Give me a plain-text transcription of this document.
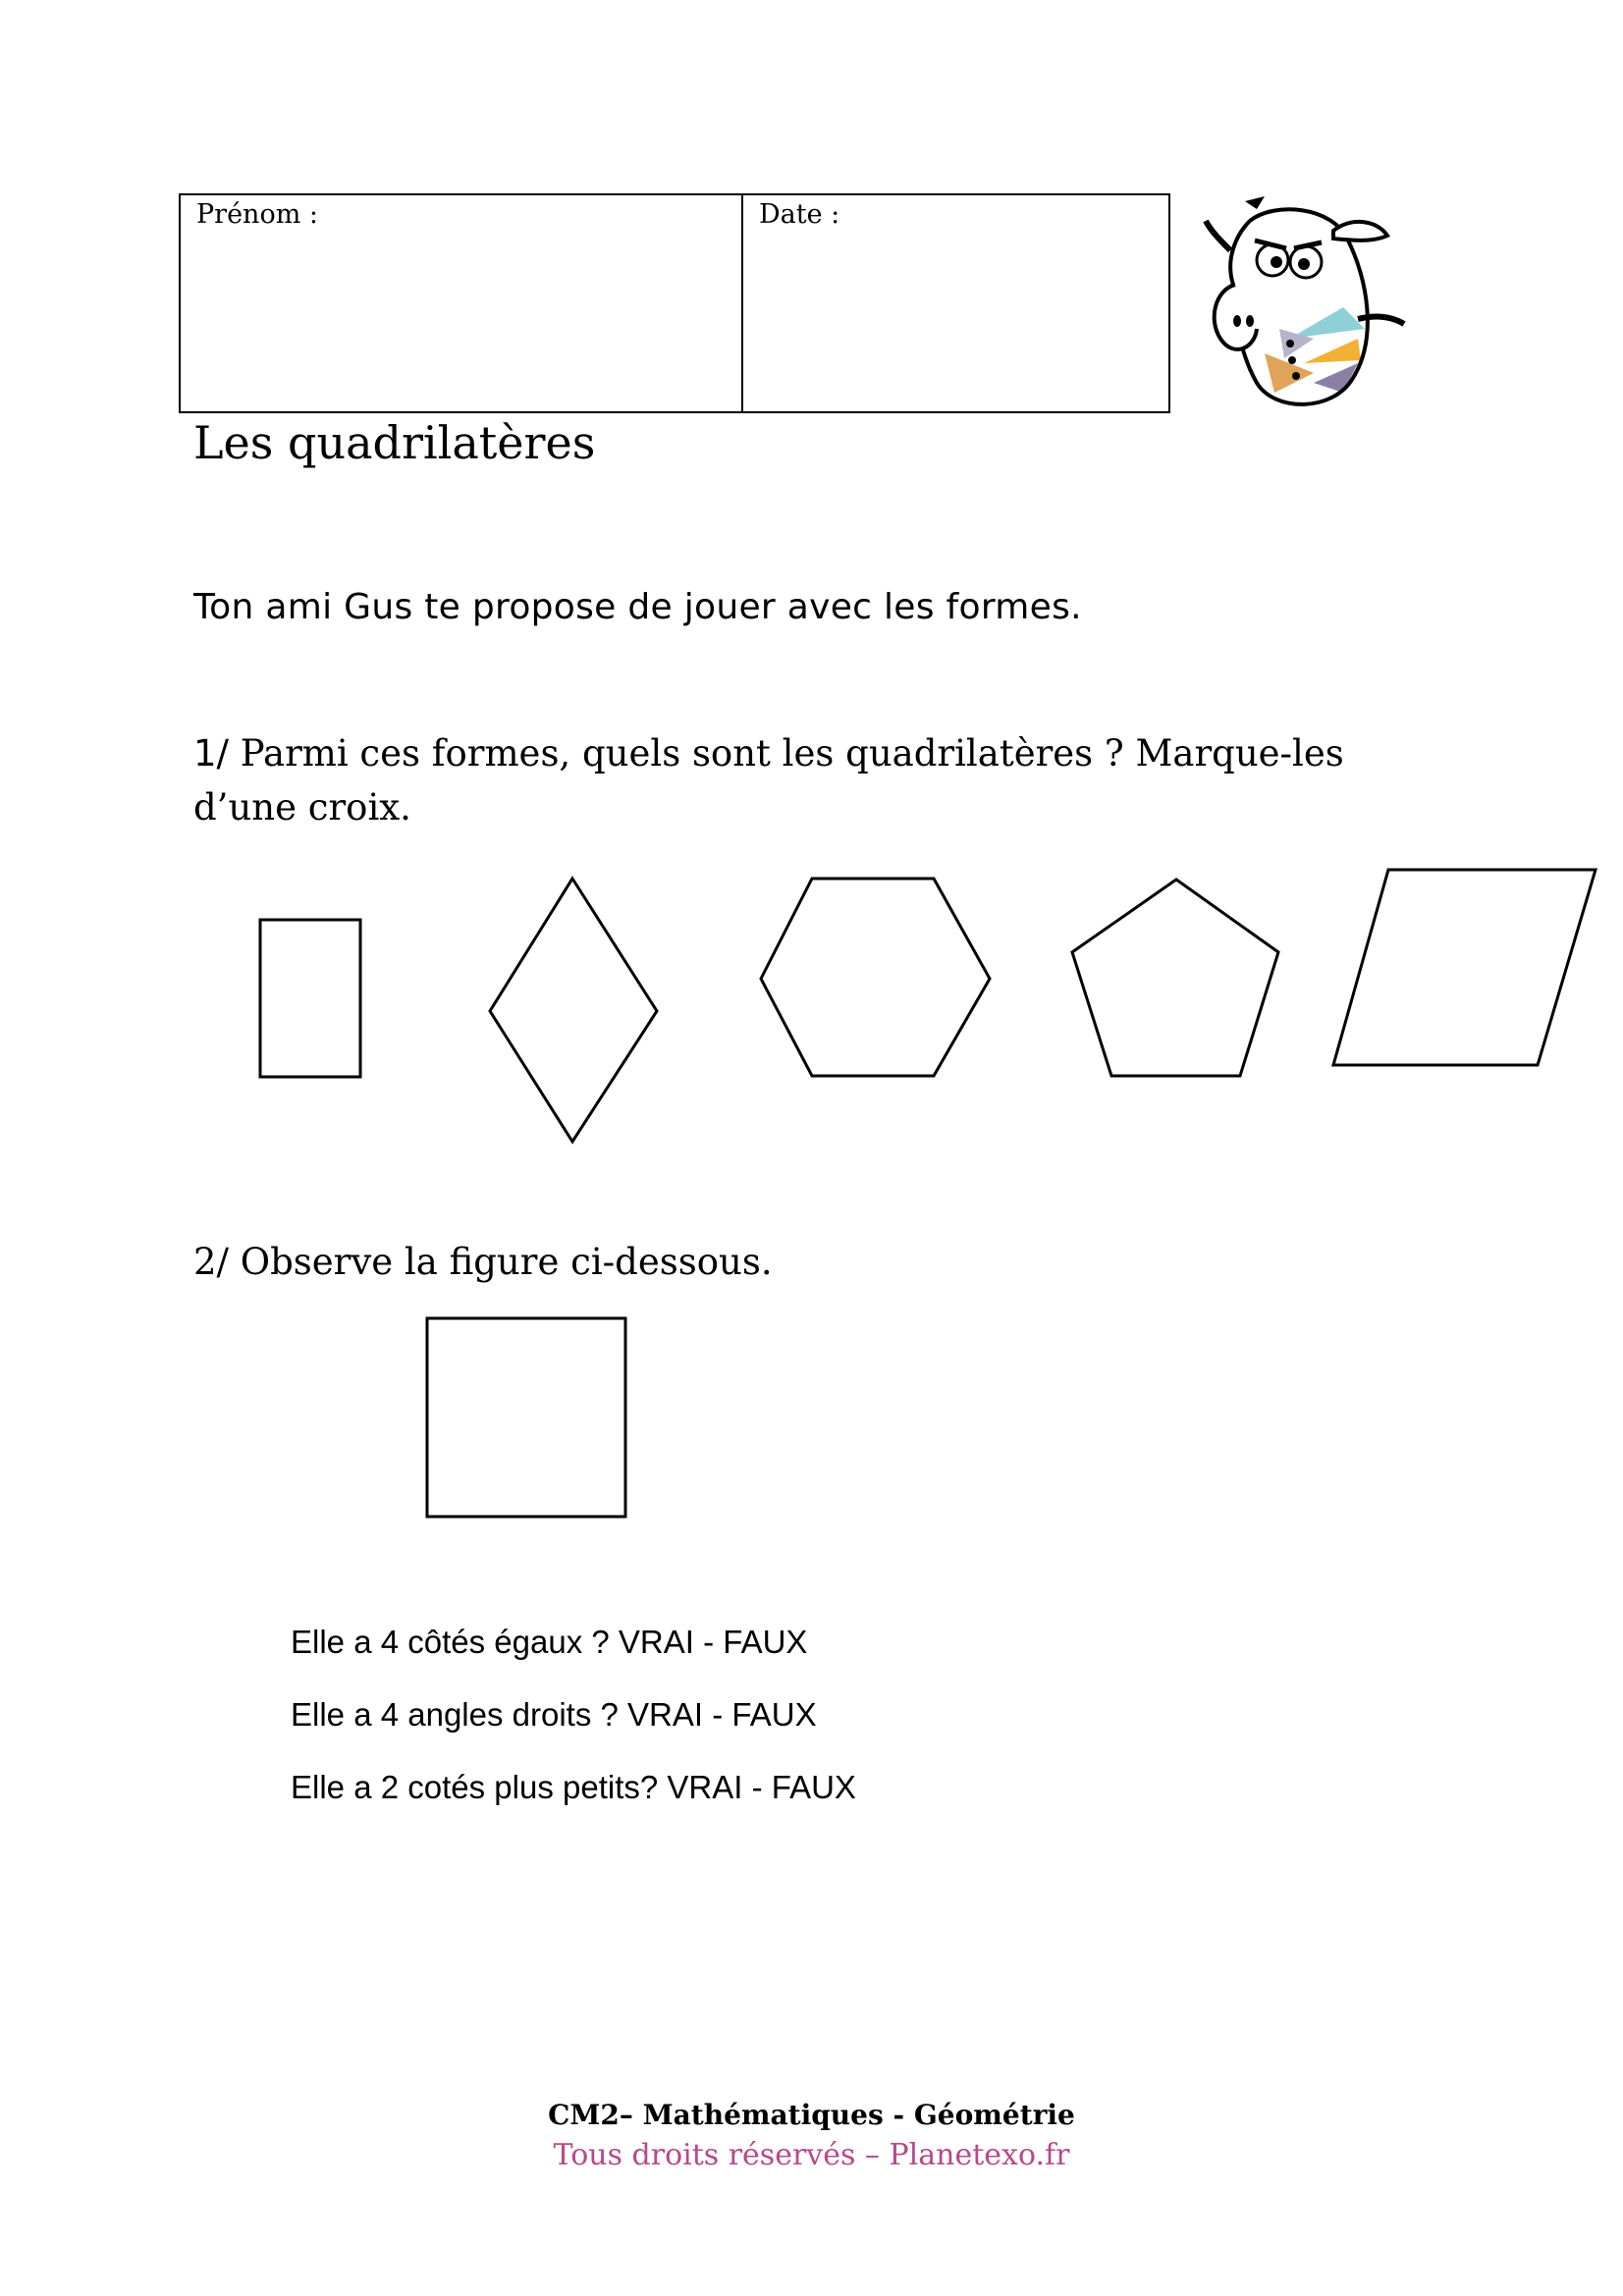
Prénom :	Date :
Les quadrilatères
Ton ami Gus te propose de jouer avec les formes.
1/ Parmi ces formes, quels sont les quadrilatères ? Marque-les d’une croix.
2/ Observe la figure ci-dessous.
Elle a 4 côtés égaux ? VRAI - FAUX
Elle a 4 angles droits ? VRAI - FAUX
Elle a 2 cotés plus petits? VRAI - FAUX
CM2– Mathématiques - Géométrie
Tous droits réservés – Planetexo.fr
